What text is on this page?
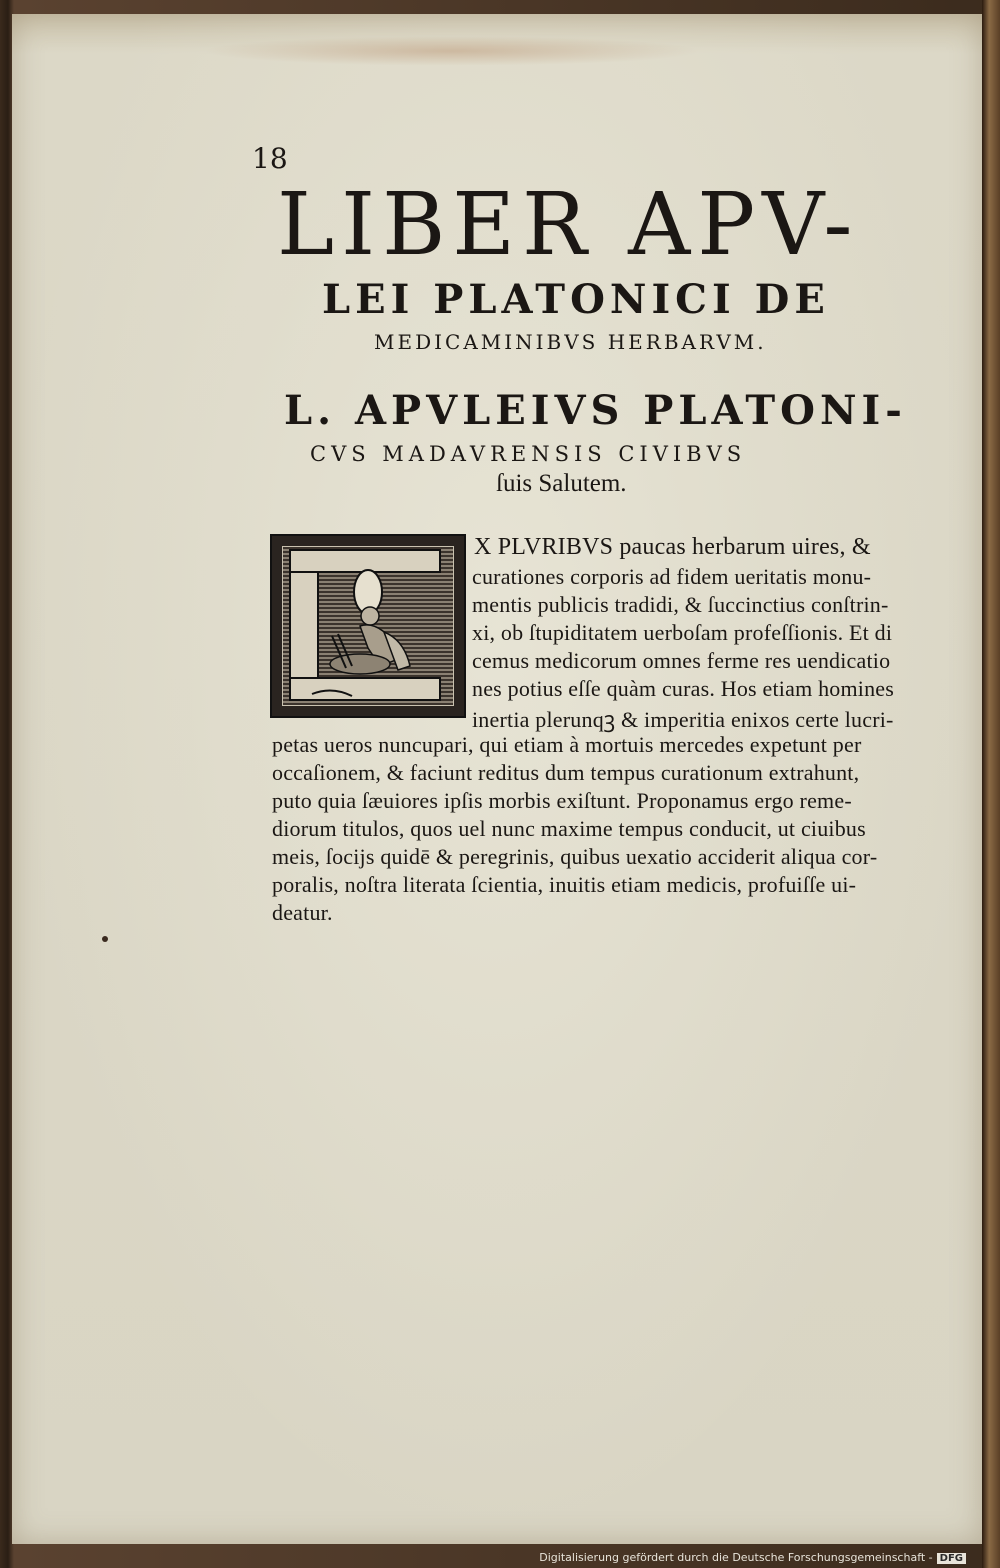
18
LIBER APV-
LEI PLATONICI DE
MEDICAMINIBVS HERBARVM.
L. APVLEIVS PLATONI-
CVS MADAVRENSIS CIVIBVS
ſuis Salutem.
X PLVRIBVS paucas herbarum uires, &
curationes corporis ad fidem ueritatis monu-
mentis publicis tradidi, & ſuccinctius conſtrin-
xi, ob ſtupiditatem uerboſam profeſſionis. Et di
cemus medicorum omnes ferme res uendicatio
nes potius eſſe quàm curas. Hos etiam homines
inertia plerunqꝫ & imperitia enixos certe lucri-
petas ueros nuncupari, qui etiam à mortuis mercedes expetunt per
occaſionem, & faciunt reditus dum tempus curationum extrahunt,
puto quia ſæuiores ipſis morbis exiſtunt. Proponamus ergo reme-
diorum titulos, quos uel nunc maxime tempus conducit, ut ciuibus
meis, ſocijs quidē & peregrinis, quibus uexatio acciderit aliqua cor-
poralis, noſtra literata ſcientia, inuitis etiam medicis, profuiſſe ui-
deatur.
Digitalisierung gefördert durch die Deutsche Forschungsgemeinschaft - DFG
